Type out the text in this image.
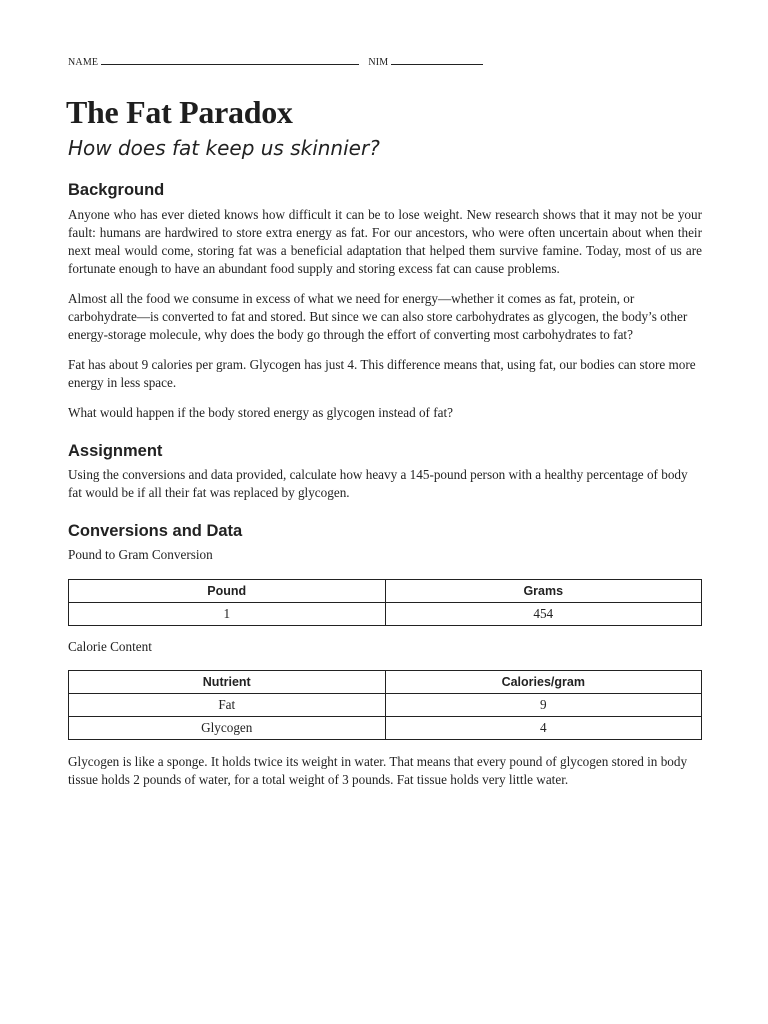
NAME	NIM
The Fat Paradox
How does fat keep us skinnier?
Background

Anyone who has ever dieted knows how difficult it can be to lose weight. New research shows that it may not be your fault: humans are hardwired to store extra energy as fat. For our ancestors, who were often uncertain about when their next meal would come, storing fat was a beneficial adaptation that helped them survive famine. Today, most of us are fortunate enough to have an abundant food supply and storing excess fat can cause problems.

Almost all the food we consume in excess of what we need for energy—whether it comes as fat, protein, or carbohydrate—is converted to fat and stored. But since we can also store carbohydrates as glycogen, the body’s other energy-storage molecule, why does the body go through the effort of converting most carbohydrates to fat?

Fat has about 9 calories per gram. Glycogen has just 4. This difference means that, using fat, our bodies can store more energy in less space.

What would happen if the body stored energy as glycogen instead of fat?

Assignment

Using the conversions and data provided, calculate how heavy a 145-pound person with a healthy percentage of body fat would be if all their fat was replaced by glycogen.

Conversions and Data

Pound to Gram Conversion

Pound	Grams
1	454

Calorie Content

Nutrient	Calories/gram
Fat	9
Glycogen	4

Glycogen is like a sponge. It holds twice its weight in water. That means that every pound of glycogen stored in body tissue holds 2 pounds of water, for a total weight of 3 pounds. Fat tissue holds very little water.
